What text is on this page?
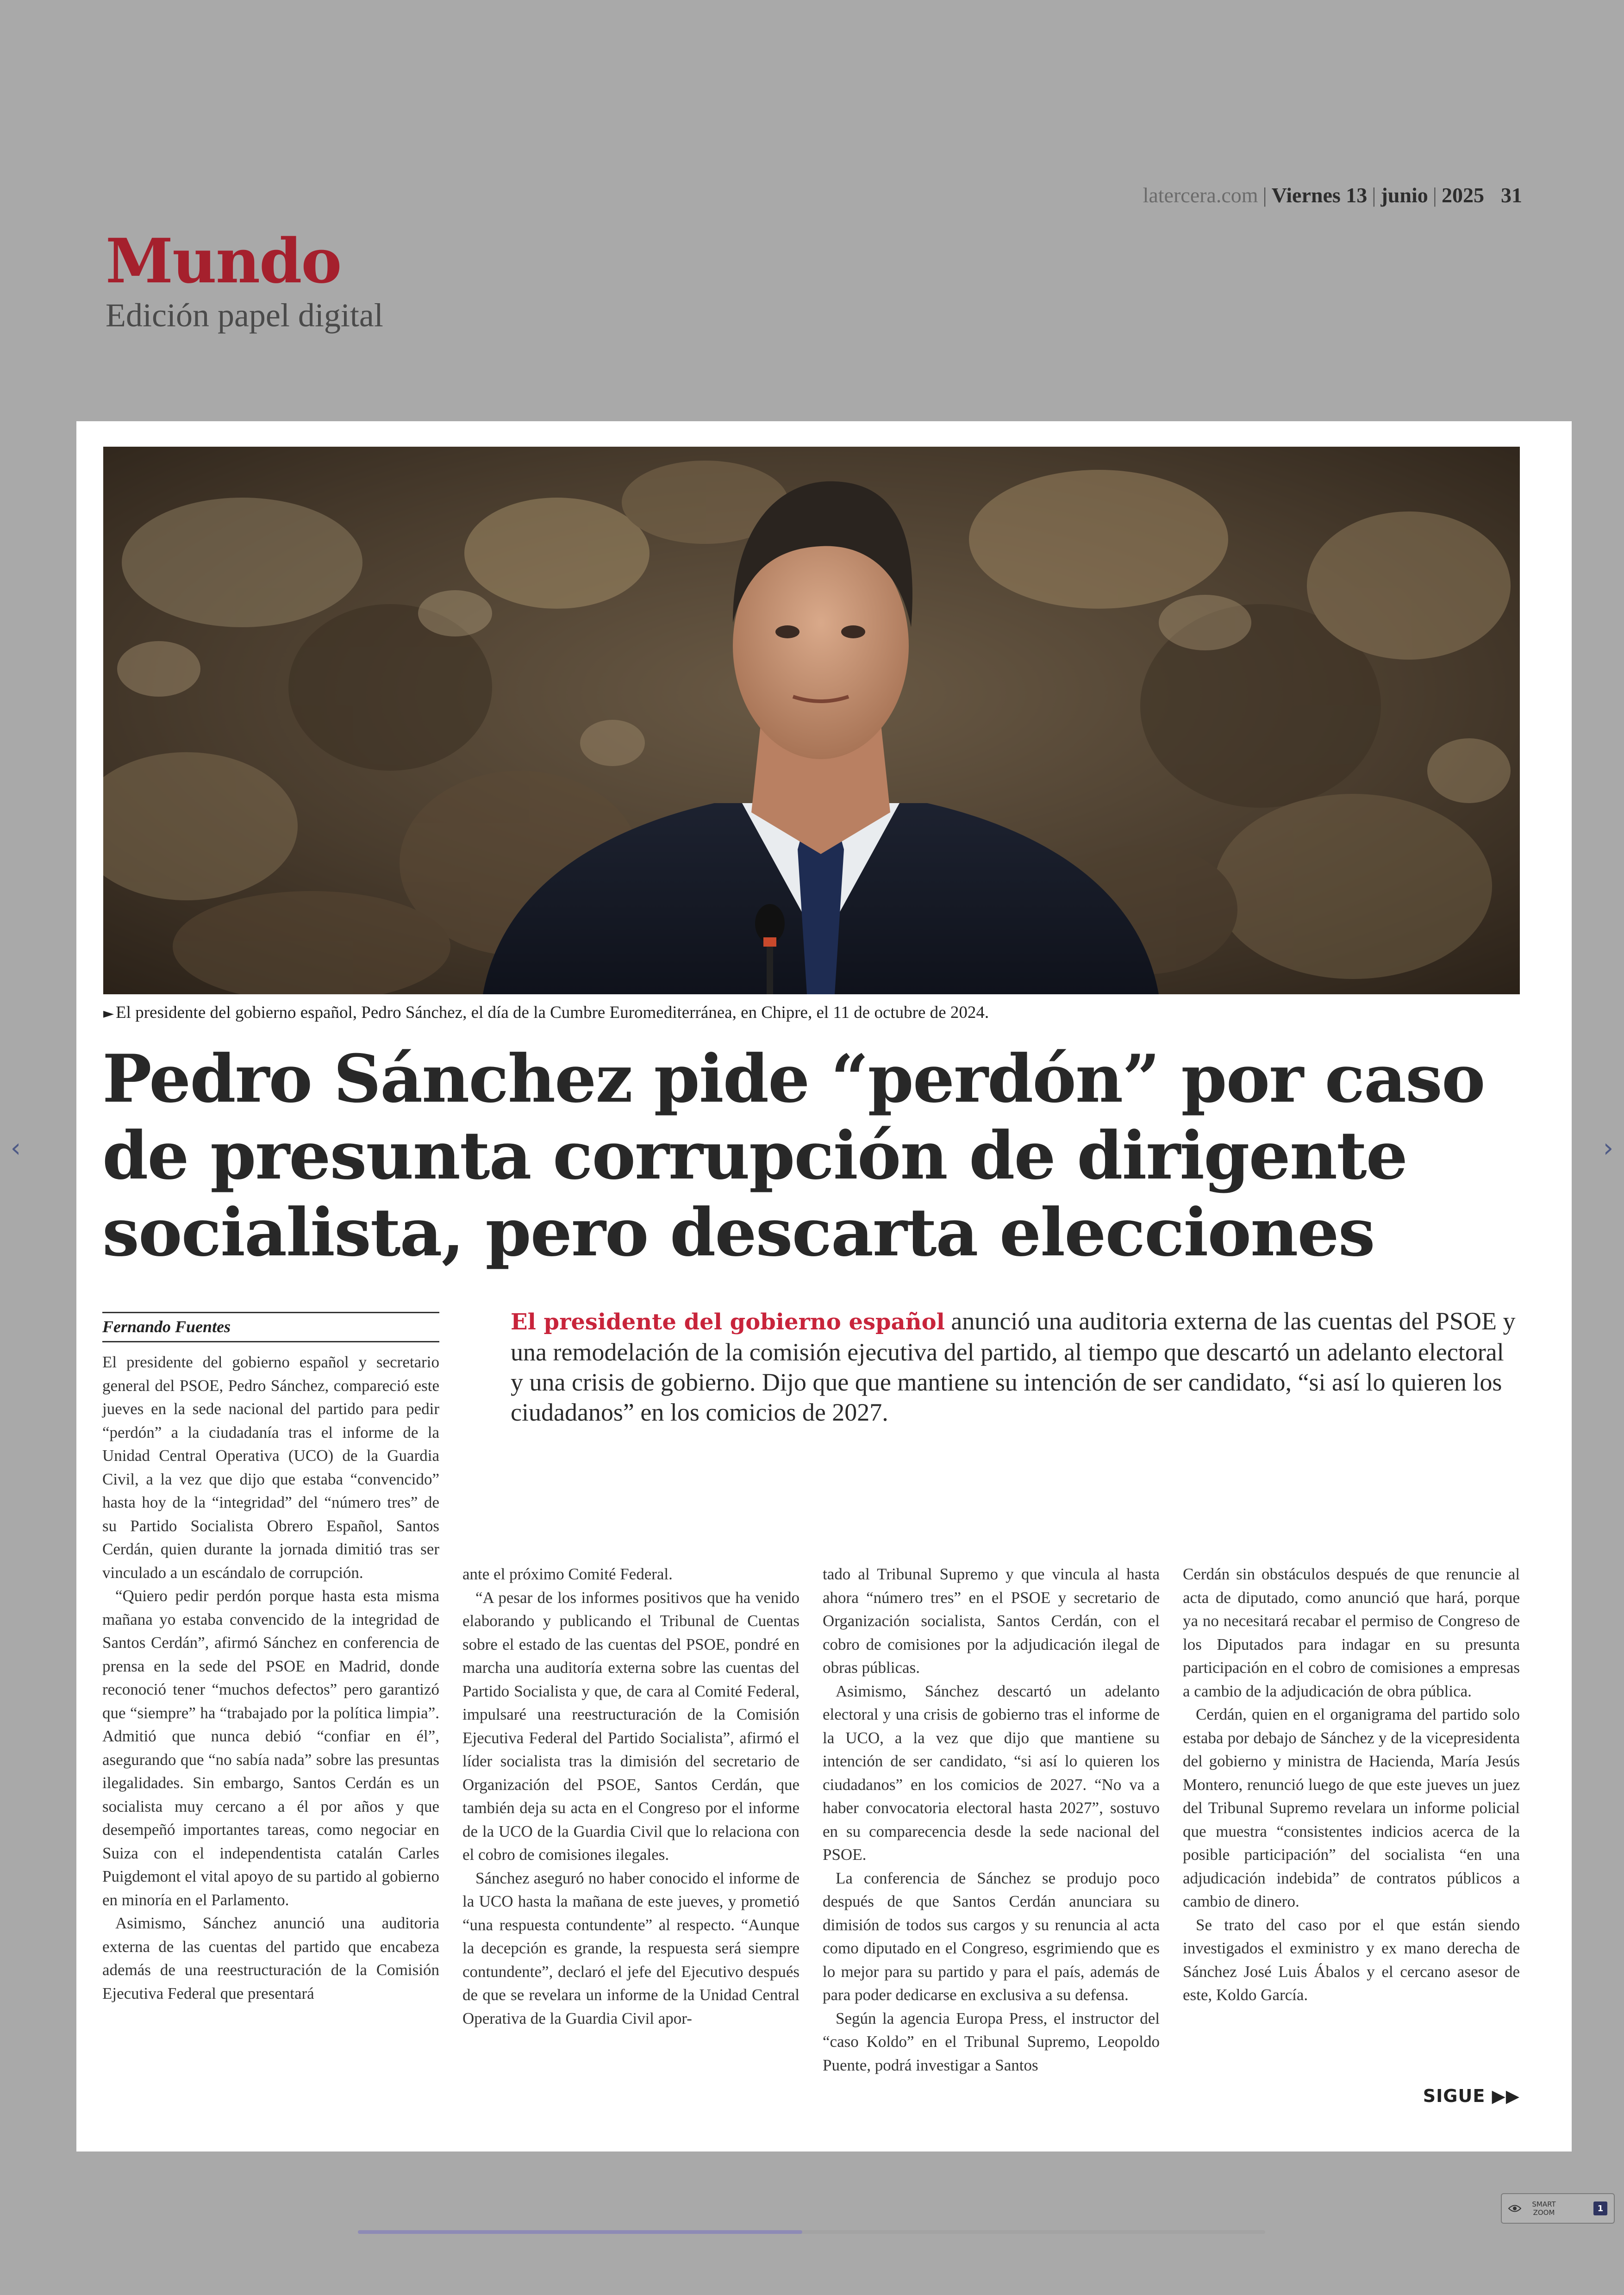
Mundo
Edición papel digital
latercera.com | Viernes 13 | junio | 2025 31
‹	›
► El presidente del gobierno español, Pedro Sánchez, el día de la Cumbre Euromediterránea, en Chipre, el 11 de octubre de 2024.
Pedro Sánchez pide “perdón” por caso
de presunta corrupción de dirigente
socialista, pero descarta elecciones
Fernando Fuentes	El presidente del gobierno español anunció una auditoria externa de las cuentas del PSOE y una remodelación de la comisión ejecutiva del partido, al tiempo que descartó un adelanto electoral y una crisis de gobierno. Dijo que que mantiene su intención de ser candidato, “si así lo quieren los ciudadanos” en los comicios de 2027.

El presidente del gobierno español y secretario general del PSOE, Pedro Sánchez, compareció este jueves en la sede nacional del partido para pedir “perdón” a la ciudadanía tras el informe de la Unidad Central Operativa (UCO) de la Guardia Civil, a la vez que dijo que estaba “convencido” hasta hoy de la “integridad” del “número tres” de su Partido Socialista Obrero Español, Santos Cerdán, quien durante la jornada dimitió tras ser vinculado a un escándalo de corrupción.

“Quiero pedir perdón porque hasta esta misma mañana yo estaba convencido de la integridad de Santos Cerdán”, afirmó Sánchez en conferencia de prensa en la sede del PSOE en Madrid, donde reconoció tener “muchos defectos” pero garantizó que “siempre” ha “trabajado por la política limpia”. Admitió que nunca debió “confiar en él”, asegurando que “no sabía nada” sobre las presuntas ilegalidades. Sin embargo, Santos Cerdán es un socialista muy cercano a él por años y que desempeñó importantes tareas, como negociar en Suiza con el independentista catalán Carles Puigdemont el vital apoyo de su partido al gobierno en minoría en el Parlamento.

Asimismo, Sánchez anunció una auditoria externa de las cuentas del partido que encabeza además de una reestructuración de la Comisión Ejecutiva Federal que presentará

ante el próximo Comité Federal.

“A pesar de los informes positivos que ha venido elaborando y publicando el Tribunal de Cuentas sobre el estado de las cuentas del PSOE, pondré en marcha una auditoría externa sobre las cuentas del Partido Socialista y que, de cara al Comité Federal, impulsaré una reestructuración de la Comisión Ejecutiva Federal del Partido Socialista”, afirmó el líder socialista tras la dimisión del secretario de Organización del PSOE, Santos Cerdán, que también deja su acta en el Congreso por el informe de la UCO de la Guardia Civil que lo relaciona con el cobro de comisiones ilegales.

Sánchez aseguró no haber conocido el informe de la UCO hasta la mañana de este jueves, y prometió “una respuesta contundente” al respecto. “Aunque la decepción es grande, la respuesta será siempre contundente”, declaró el jefe del Ejecutivo después de que se revelara un informe de la Unidad Central Operativa de la Guardia Civil apor-

tado al Tribunal Supremo y que vincula al hasta ahora “número tres” en el PSOE y secretario de Organización socialista, Santos Cerdán, con el cobro de comisiones por la adjudicación ilegal de obras públicas.

Asimismo, Sánchez descartó un adelanto electoral y una crisis de gobierno tras el informe de la UCO, a la vez que dijo que mantiene su intención de ser candidato, “si así lo quieren los ciudadanos” en los comicios de 2027. “No va a haber convocatoria electoral hasta 2027”, sostuvo en su comparecencia desde la sede nacional del PSOE.

La conferencia de Sánchez se produjo poco después de que Santos Cerdán anunciara su dimisión de todos sus cargos y su renuncia al acta como diputado en el Congreso, esgrimiendo que es lo mejor para su partido y para el país, además de para poder dedicarse en exclusiva a su defensa.

Según la agencia Europa Press, el instructor del “caso Koldo” en el Tribunal Supremo, Leopoldo Puente, podrá investigar a Santos

Cerdán sin obstáculos después de que renuncie al acta de diputado, como anunció que hará, porque ya no necesitará recabar el permiso de Congreso de los Diputados para indagar en su presunta participación en el cobro de comisiones a empresas a cambio de la adjudicación de obra pública.

Cerdán, quien en el organigrama del partido solo estaba por debajo de Sánchez y de la vicepresidenta del gobierno y ministra de Hacienda, María Jesús Montero, renunció luego de que este jueves un juez del Tribunal Supremo revelara un informe policial que muestra “consistentes indicios acerca de la posible participación” del socialista “en una adjudicación indebida” de contratos públicos a cambio de dinero.

Se trato del caso por el que están siendo investigados el exministro y ex mano derecha de Sánchez José Luis Ábalos y el cercano asesor de este, Koldo García.

SIGUE ▶▶
SMART
ZOOM	1
